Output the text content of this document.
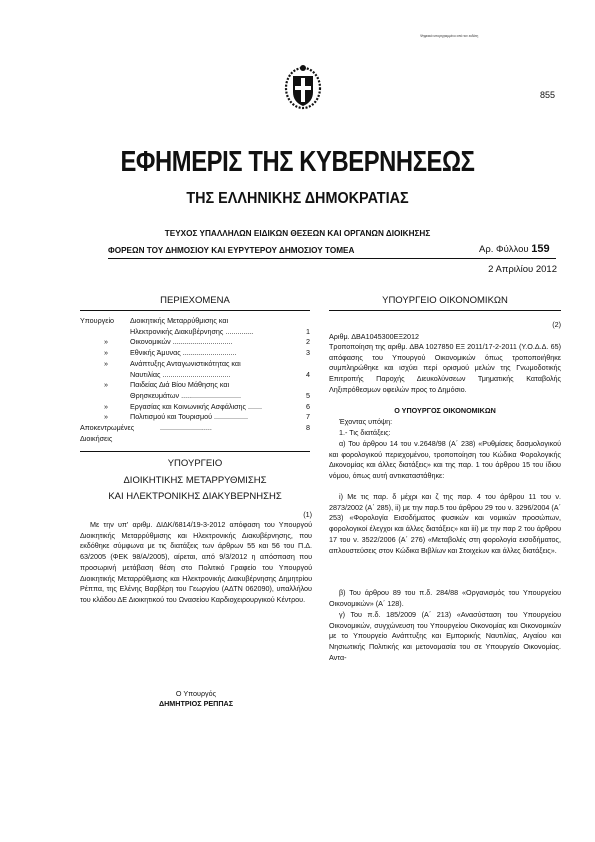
Ψηφιακά υπογεγραμμένο από τον εκδότη
855
ΕΦΗΜΕΡΙΣ ΤΗΣ ΚΥΒΕΡΝΗΣΕΩΣ
ΤΗΣ ΕΛΛΗΝΙΚΗΣ ΔΗΜΟΚΡΑΤΙΑΣ
ΤΕΥΧΟΣ ΥΠΑΛΛΗΛΩΝ ΕΙΔΙΚΩΝ ΘΕΣΕΩΝ ΚΑΙ ΟΡΓΑΝΩΝ ΔΙΟΙΚΗΣΗΣ
ΦΟΡΕΩΝ ΤΟΥ ΔΗΜΟΣΙΟΥ ΚΑΙ ΕΥΡΥΤΕΡΟΥ ΔΗΜΟΣΙΟΥ ΤΟΜΕΑ	Αρ. Φύλλου 159
2 Απριλίου 2012
ΠΕΡΙΕΧΟΜΕΝΑ
Υπουργείο	Διοικητικής Μεταρρύθμισης και
Ηλεκτρονικής Διακυβέρνησης ..............	1
»	Οικονομικών ..............................	2
»	Εθνικής Άμυνας ...........................	3
»	Ανάπτυξης Ανταγωνιστικότητας και
Ναυτιλίας ..................................	4
»	Παιδείας Διά Βίου Μάθησης και
Θρησκευμάτων ..............................	5
»	Εργασίας και Κοινωνικής Ασφάλισης .......	6
»	Πολιτισμού και Τουρισμού .................	7
Αποκεντρωμένες Διοικήσεις
..........................	8
ΥΠΟΥΡΓΕΙΟ
ΔΙΟΙΚΗΤΙΚΗΣ ΜΕΤΑΡΡΥΘΜΙΣΗΣ
ΚΑΙ ΗΛΕΚΤΡΟΝΙΚΗΣ ΔΙΑΚΥΒΕΡΝΗΣΗΣ
(1)
Με την υπ' αριθμ. ΔΙΔΚ/6814/19-3-2012 απόφαση του Υπουργού Διοικητικής Μεταρρύθμισης και Ηλεκτρονικής Διακυβέρνησης, που εκδόθηκε σύμφωνα με τις διατάξεις των άρθρων 55 και 56 του Π.Δ. 63/2005 (ΦΕΚ 98/Α/2005), αίρεται, από 9/3/2012 η απόσπαση που προσωρινή μετάβαση θέση στο Πολιτικό Γραφείο του Υπουργού Διοικητικής Μεταρρύθμισης και Ηλεκτρονικής Διακυβέρνησης Δημητρίου Ρέππα, της Ελένης Βαρβέρη του Γεωργίου (ΑΔΤΝ 062090), υπαλλήλου του κλάδου ΔΕ Διοικητικού του Ωνασείου Καρδιοχειρουργικού Κέντρου.
Ο Υπουργός
ΔΗΜΗΤΡΙΟΣ ΡΕΠΠΑΣ
ΥΠΟΥΡΓΕΙΟ ΟΙΚΟΝΟΜΙΚΩΝ
(2)
Αριθμ. ΔΒΑ1045300ΕΞ2012
Τροποποίηση της αριθμ. ΔΒΑ 1027850 ΕΞ 2011/17-2-2011 (Υ.Ο.Δ.Δ. 65) απόφασης του Υπουργού Οικονομικών όπως τροποποιήθηκε συμπληρώθηκε και ισχύει περί ορισμού μελών της Γνωμοδοτικής Επιτροπής Παροχής Διευκολύνσεων Τμηματικής Καταβολής Ληξιπρόθεσμων οφειλών προς το Δημόσιο.
Ο ΥΠΟΥΡΓΟΣ ΟΙΚΟΝΟΜΙΚΩΝ
Έχοντας υπόψη:
1.- Τις διατάξεις:
α) Του άρθρου 14 του ν.2648/98 (Α΄ 238) «Ρυθμίσεις δασμολογικού και φορολογικού περιεχομένου, τροποποίηση του Κώδικα Φορολογικής Δικονομίας και άλλες διατάξεις» και της παρ. 1 του άρθρου 15 του ίδιου νόμου, όπως αυτή αντικαταστάθηκε:
i) Με τις παρ. δ μέχρι και ζ της παρ. 4 του άρθρου 11 του ν. 2873/2002 (Α΄ 285), ii) με την παρ.5 του άρθρου 29 του ν. 3296/2004 (Α΄ 253) «Φορολογία Εισοδήματος φυσικών και νομικών προσώπων, φορολογικοί έλεγχοι και άλλες διατάξεις» και iii) με την παρ 2 του άρθρου 17 του ν. 3522/2006 (Α΄ 276) «Μεταβολές στη φορολογία εισοδήματος, απλουστεύσεις στον Κώδικα Βιβλίων και Στοιχείων και άλλες διατάξεις».
β) Του άρθρου 89 του π.δ. 284/88 «Οργανισμός του Υπουργείου Οικονομικών» (Α΄ 128).
γ) Του π.δ. 185/2009 (Α΄ 213) «Ανασύσταση του Υπουργείου Οικονομικών, συγχώνευση του Υπουργείου Οικονομίας και Οικονομικών με το Υπουργείο Ανάπτυξης και Εμπορικής Ναυτιλίας, Αιγαίου και Νησιωτικής Πολιτικής και μετονομασία του σε Υπουργείο Οικονομίας. Αντα-
